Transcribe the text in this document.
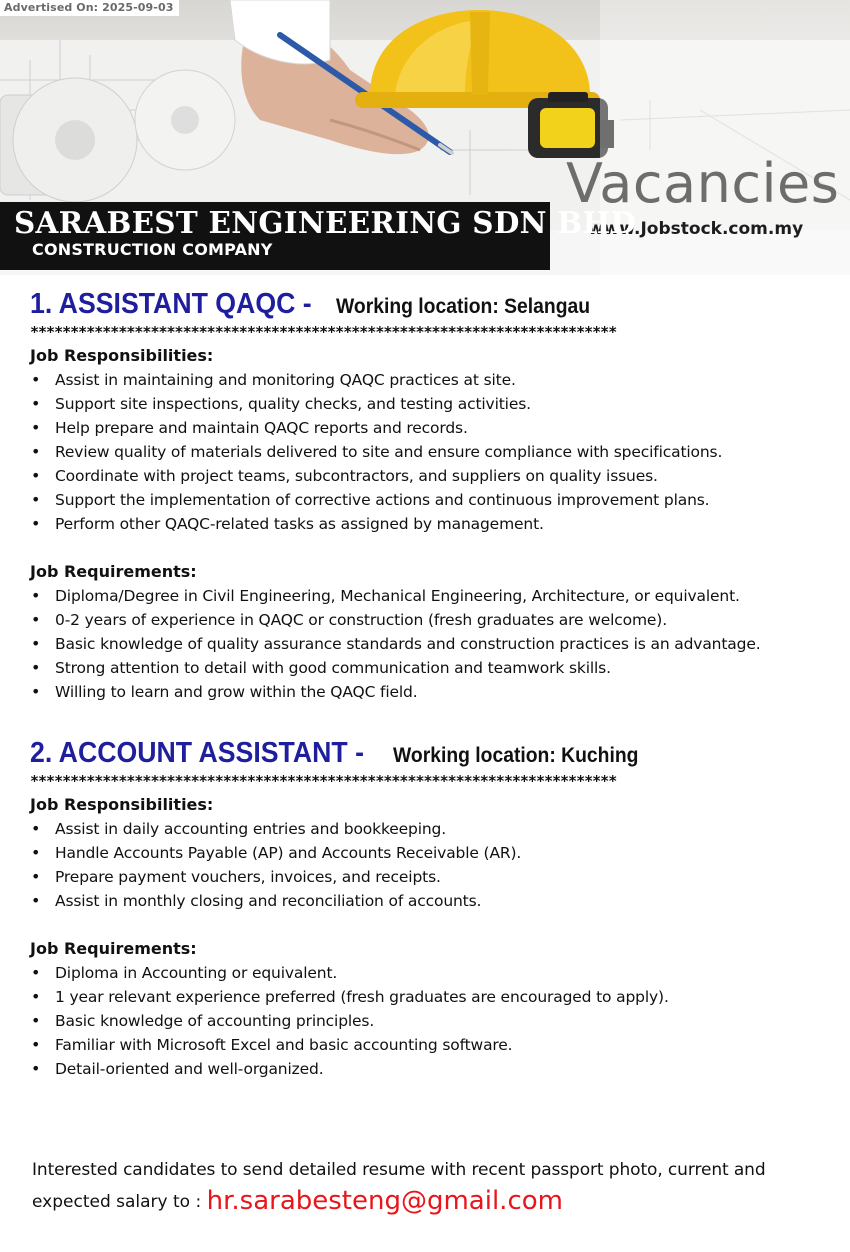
Advertised On: 2025-09-03
Vacancies
www.Jobstock.com.my
SARABEST ENGINEERING SDN BHD
CONSTRUCTION COMPANY
1. ASSISTANT QAQC -Working location: Selangau
*************************************************************************
Job Responsibilities:
• Assist in maintaining and monitoring QAQC practices at site.
• Support site inspections, quality checks, and testing activities.
• Help prepare and maintain QAQC reports and records.
• Review quality of materials delivered to site and ensure compliance with specifications.
• Coordinate with project teams, subcontractors, and suppliers on quality issues.
• Support the implementation of corrective actions and continuous improvement plans.
• Perform other QAQC-related tasks as assigned by management.
Job Requirements:
• Diploma/Degree in Civil Engineering, Mechanical Engineering, Architecture, or equivalent.
• 0-2 years of experience in QAQC or construction (fresh graduates are welcome).
• Basic knowledge of quality assurance standards and construction practices is an advantage.
• Strong attention to detail with good communication and teamwork skills.
• Willing to learn and grow within the QAQC field.
2. ACCOUNT ASSISTANT -Working location: Kuching
*************************************************************************
Job Responsibilities:
• Assist in daily accounting entries and bookkeeping.
• Handle Accounts Payable (AP) and Accounts Receivable (AR).
• Prepare payment vouchers, invoices, and receipts.
• Assist in monthly closing and reconciliation of accounts.
Job Requirements:
• Diploma in Accounting or equivalent.
• 1 year relevant experience preferred (fresh graduates are encouraged to apply).
• Basic knowledge of accounting principles.
• Familiar with Microsoft Excel and basic accounting software.
• Detail-oriented and well-organized.
Interested candidates to send detailed resume with recent passport photo, current and
expected salary to : hr.sarabesteng@gmail.com
